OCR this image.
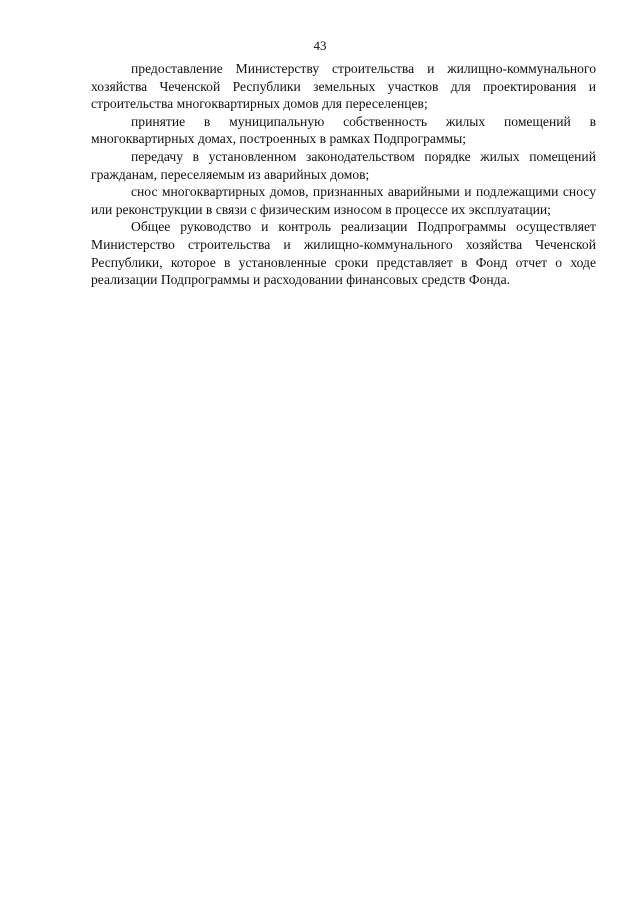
43

предоставление Министерству строительства и жилищно-коммунального хозяйства Чеченской Республики земельных участков для проектирования и строительства многоквартирных домов для переселенцев;

принятие в муниципальную собственность жилых помещений в многоквартирных домах, построенных в рамках Подпрограммы;

передачу в установленном законодательством порядке жилых помещений гражданам, переселяемым из аварийных домов;

снос многоквартирных домов, признанных аварийными и подлежащими сносу или реконструкции в связи с физическим износом в процессе их эксплуатации;

Общее руководство и контроль реализации Подпрограммы осуществляет Министерство строительства и жилищно-коммунального хозяйства Чеченской Республики, которое в установленные сроки представляет в Фонд отчет о ходе реализации Подпрограммы и расходовании финансовых средств Фонда.
